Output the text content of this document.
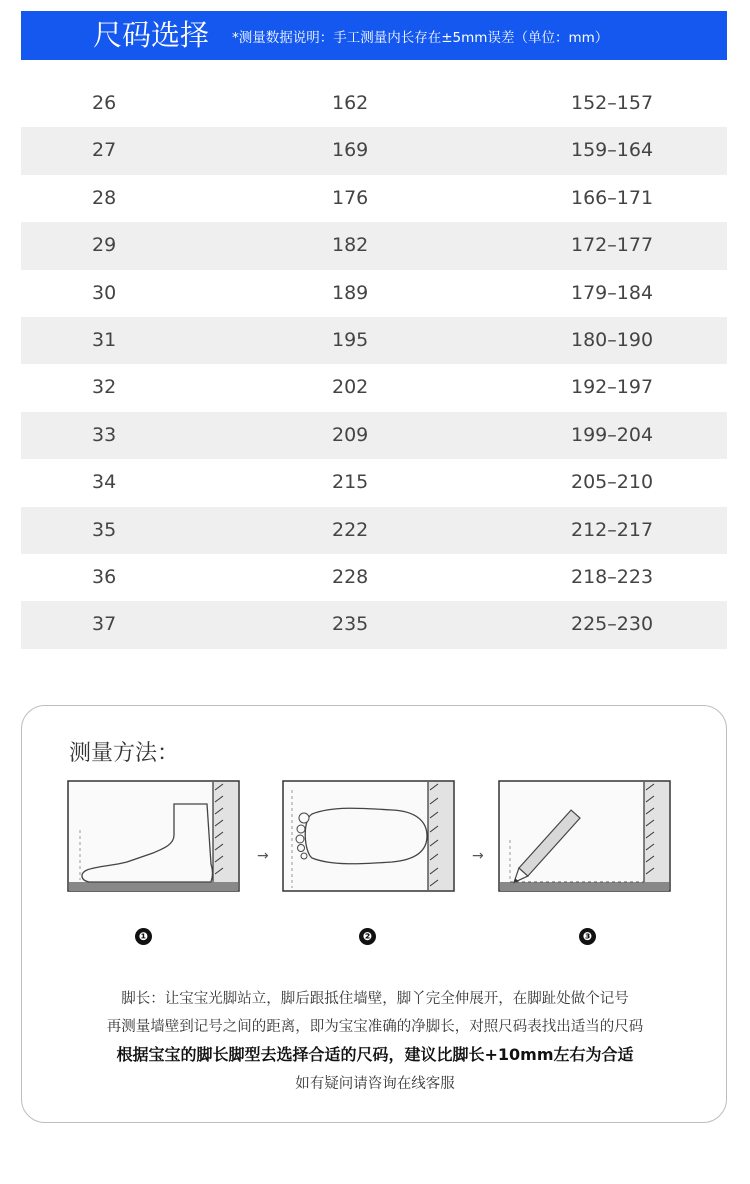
尺码选择 *测量数据说明：手工测量内长存在±5mm误差（单位：mm）
26	162	152–157
27	169	159–164
28	176	166–171
29	182	172–177
30	189	179–184
31	195	180–190
32	202	192–197
33	209	199–204
34	215	205–210
35	222	212–217
36	228	218–223
37	235	225–230
测量方法：
→	→
❶	❷	❸
脚长：让宝宝光脚站立，脚后跟抵住墙壁，脚丫完全伸展开，在脚趾处做个记号
再测量墙壁到记号之间的距离，即为宝宝准确的净脚长，对照尺码表找出适当的尺码
根据宝宝的脚长脚型去选择合适的尺码，建议比脚长+10mm左右为合适
如有疑问请咨询在线客服
